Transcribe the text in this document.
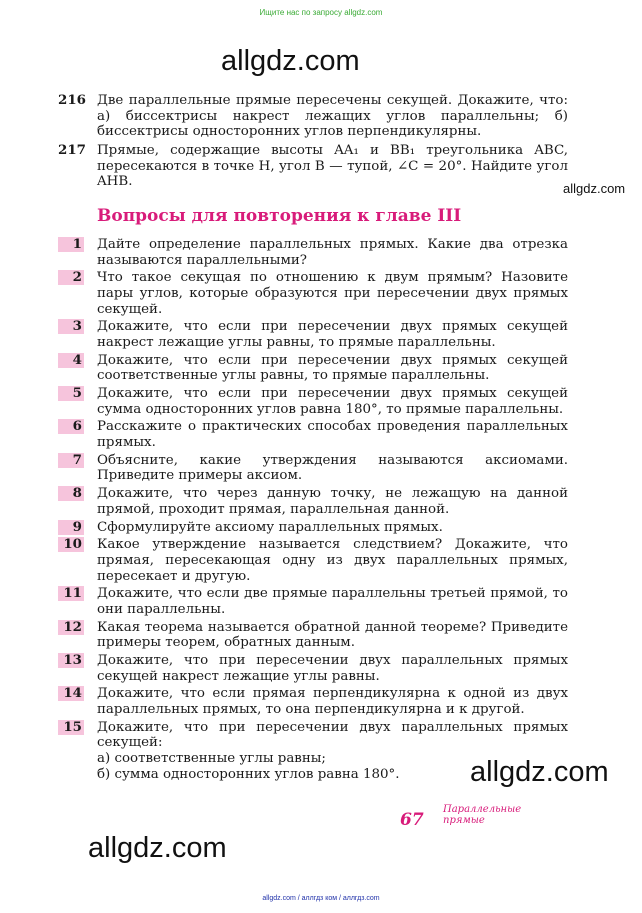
Ищите нас по запросу allgdz.com
allgdz.com
allgdz.com
allgdz.com
allgdz.com
216 Две параллельные прямые пересечены секущей. Докажите, что: а) биссектрисы накрест лежащих углов параллельны; б) биссектрисы односторонних углов перпендикулярны.
217 Прямые, содержащие высоты AA₁ и BB₁ треугольника ABC, пересекаются в точке H, угол B — тупой, ∠C = 20°. Найдите угол AHB.
Вопросы для повторения к главе III
1 Дайте определение параллельных прямых. Какие два отрезка называются параллельными?
2 Что такое секущая по отношению к двум прямым? Назовите пары углов, которые образуются при пересечении двух прямых секущей.
3 Докажите, что если при пересечении двух прямых секущей накрест лежащие углы равны, то прямые параллельны.
4 Докажите, что если при пересечении двух прямых секущей соответственные углы равны, то прямые параллельны.
5 Докажите, что если при пересечении двух прямых секущей сумма односторонних углов равна 180°, то прямые параллельны.
6 Расскажите о практических способах проведения параллельных прямых.
7 Объясните, какие утверждения называются аксиомами. Приведите примеры аксиом.
8 Докажите, что через данную точку, не лежащую на данной прямой, проходит прямая, параллельная данной.
9 Сформулируйте аксиому параллельных прямых.
10 Какое утверждение называется следствием? Докажите, что прямая, пересекающая одну из двух параллельных прямых, пересекает и другую.
11 Докажите, что если две прямые параллельны третьей прямой, то они параллельны.
12 Какая теорема называется обратной данной теореме? Приведите примеры теорем, обратных данным.
13 Докажите, что при пересечении двух параллельных прямых секущей накрест лежащие углы равны.
14 Докажите, что если прямая перпендикулярна к одной из двух параллельных прямых, то она перпендикулярна и к другой.
15 Докажите, что при пересечении двух параллельных прямых секущей:
а) соответственные углы равны;
б) сумма односторонних углов равна 180°.
67
Параллельные
прямые
allgdz.com / аллгдз ком / аллгдз.com
